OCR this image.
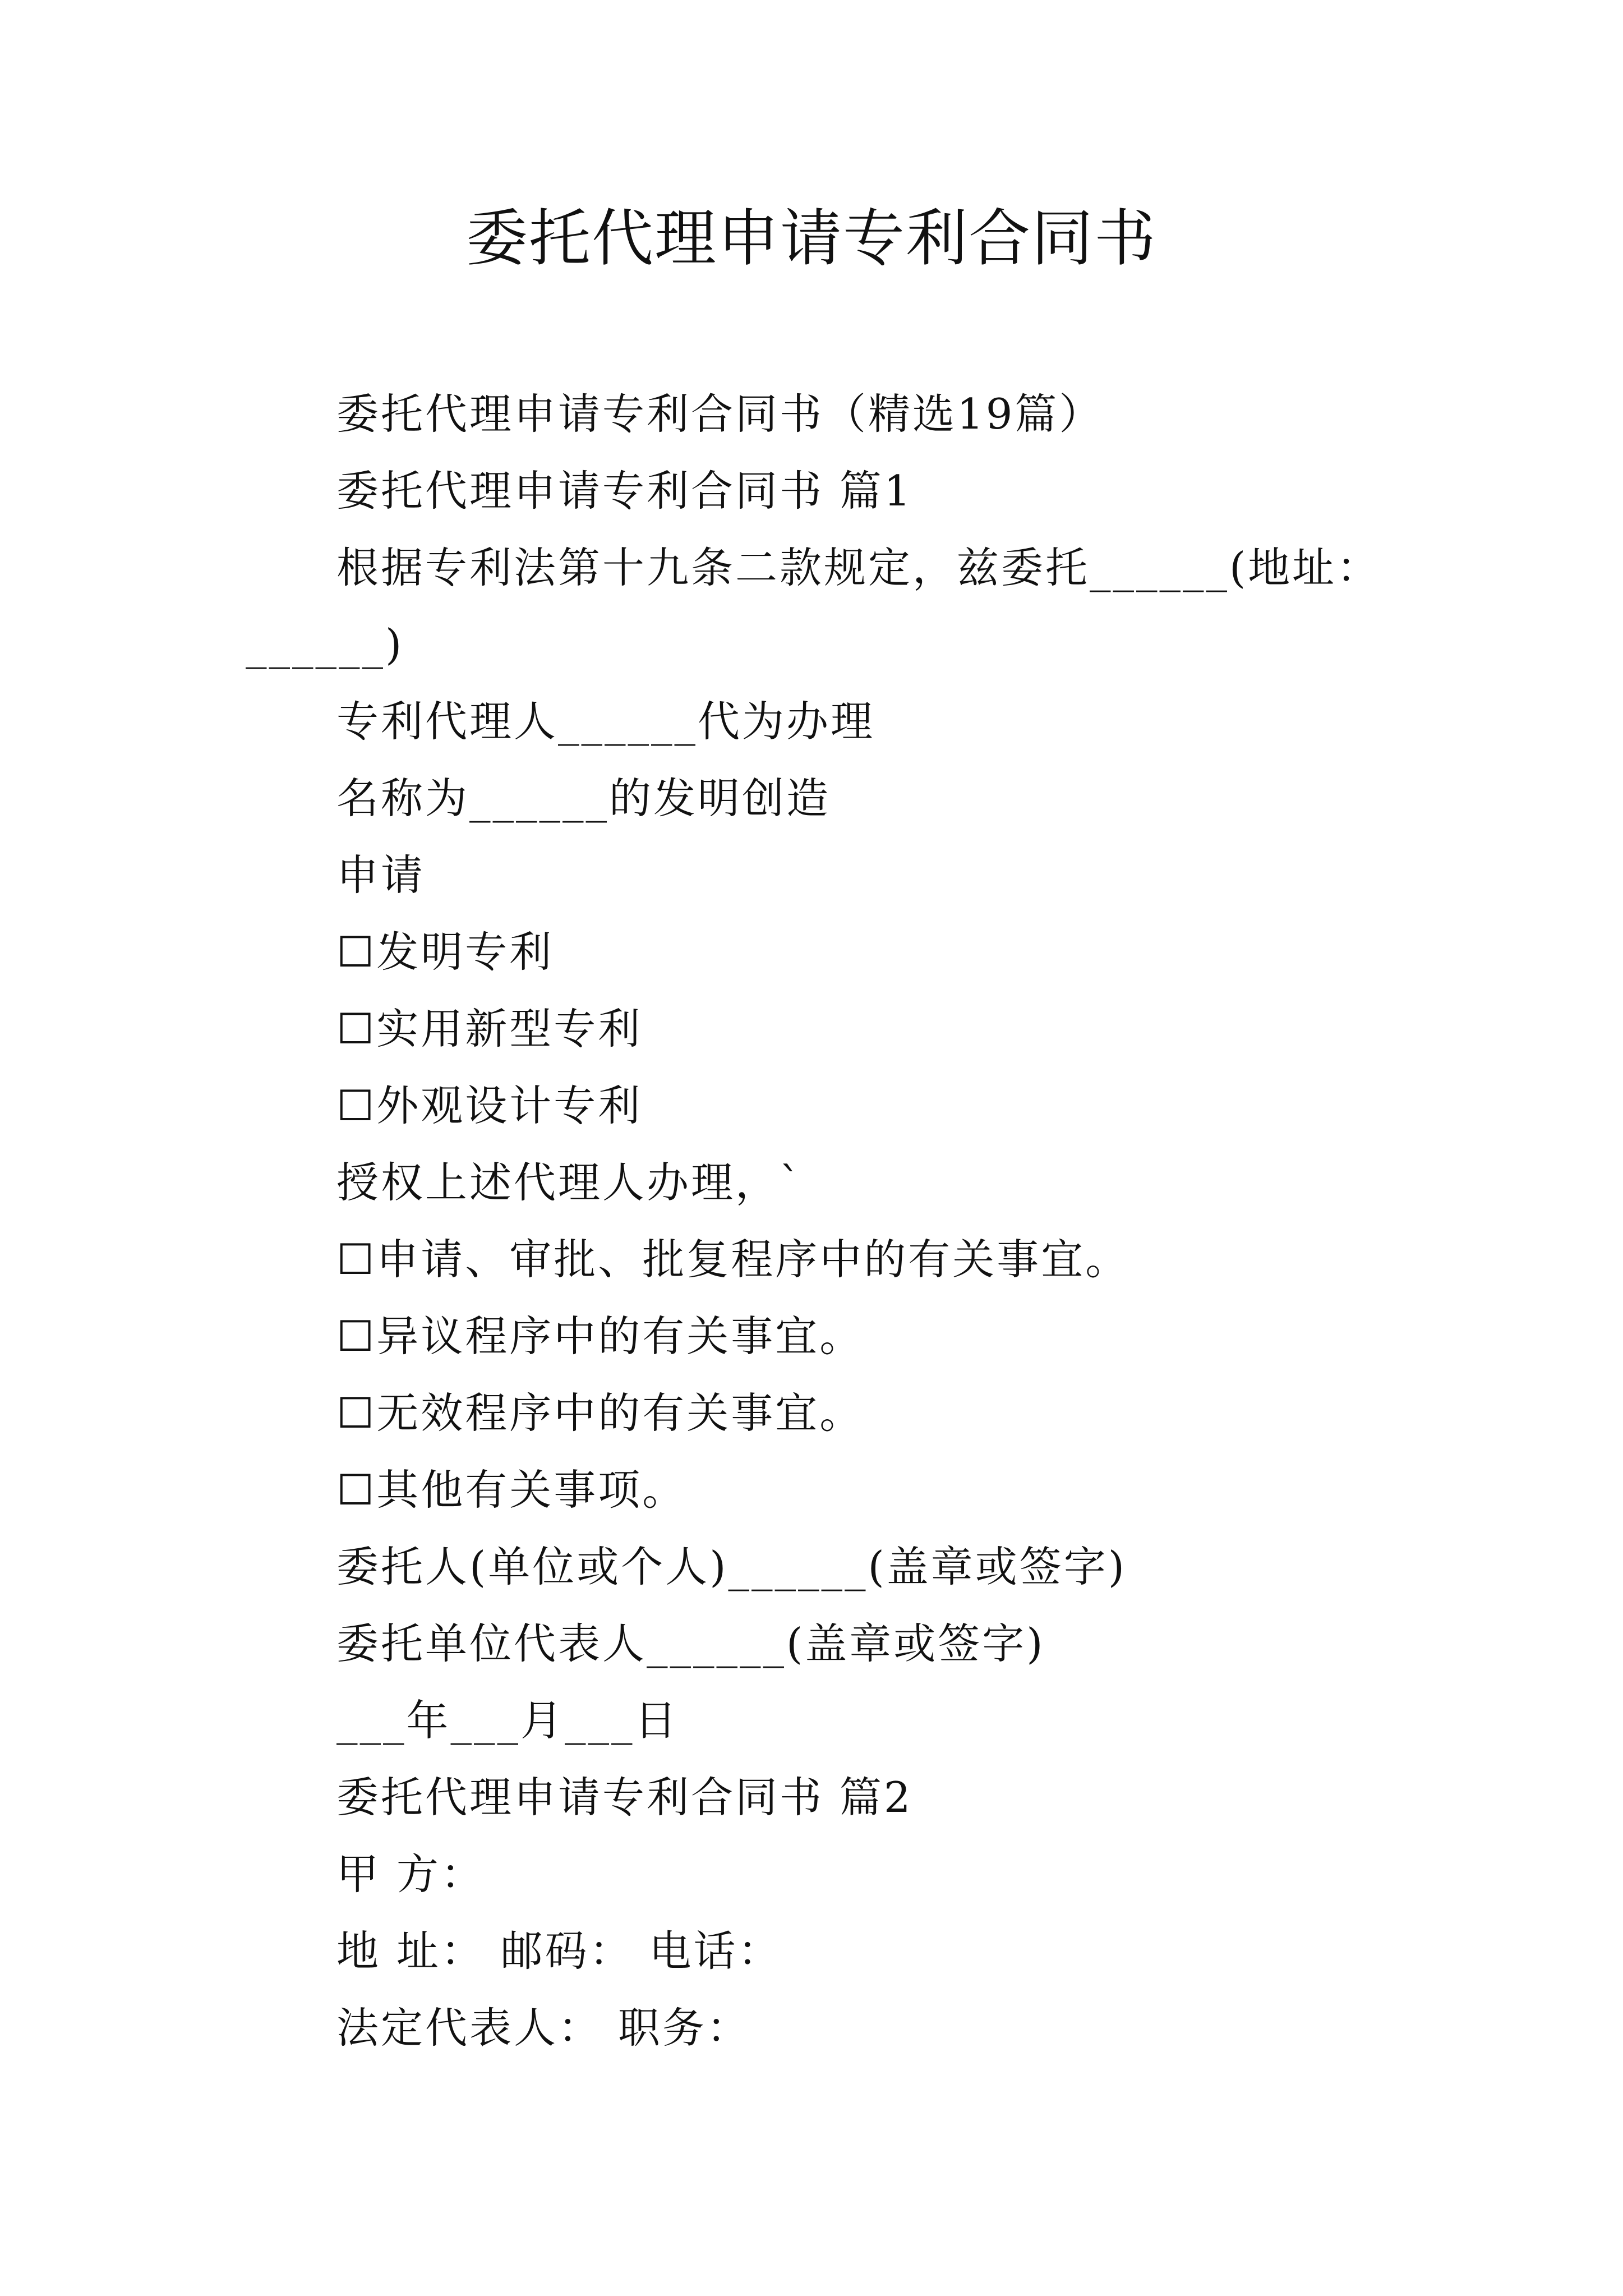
委托代理申请专利合同书
委托代理申请专利合同书（精选19篇）
委托代理申请专利合同书 篇1
根据专利法第十九条二款规定，兹委托______(地址：
______)
专利代理人______代为办理
名称为______的发明创造
申请
☐发明专利
☐实用新型专利
☐外观设计专利
授权上述代理人办理，`
☐申请、审批、批复程序中的有关事宜。
☐异议程序中的有关事宜。
☐无效程序中的有关事宜。
☐其他有关事项。
委托人(单位或个人)______(盖章或签字)
委托单位代表人______(盖章或签字)
___年___月___日
委托代理申请专利合同书 篇2
甲 方：
地 址： 邮码： 电话：
法定代表人： 职务：
